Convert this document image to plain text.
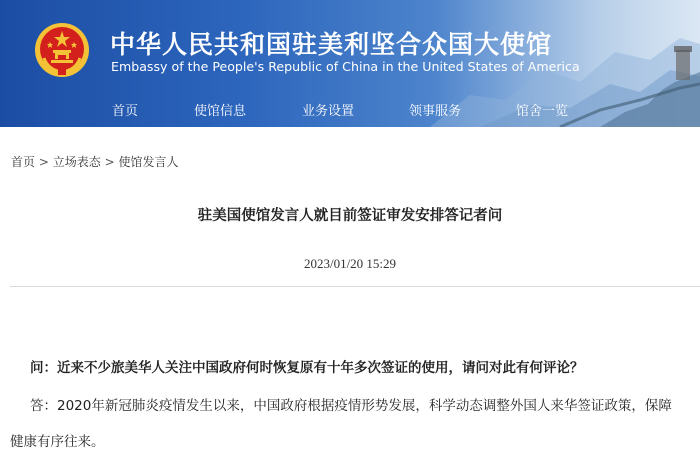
中华人民共和国驻美利坚合众国大使馆
Embassy of the People's Republic of China in the United States of America
首页	使馆信息	业务设置	领事服务	馆舍一览
首页 > 立场表态 > 使馆发言人
驻美国使馆发言人就目前签证审发安排答记者问
2023/01/20 15:29
问：近来不少旅美华人关注中国政府何时恢复原有十年多次签证的使用，请问对此有何评论？
答：2020年新冠肺炎疫情发生以来，中国政府根据疫情形势发展，科学动态调整外国人来华签证政策，保障
健康有序往来。
